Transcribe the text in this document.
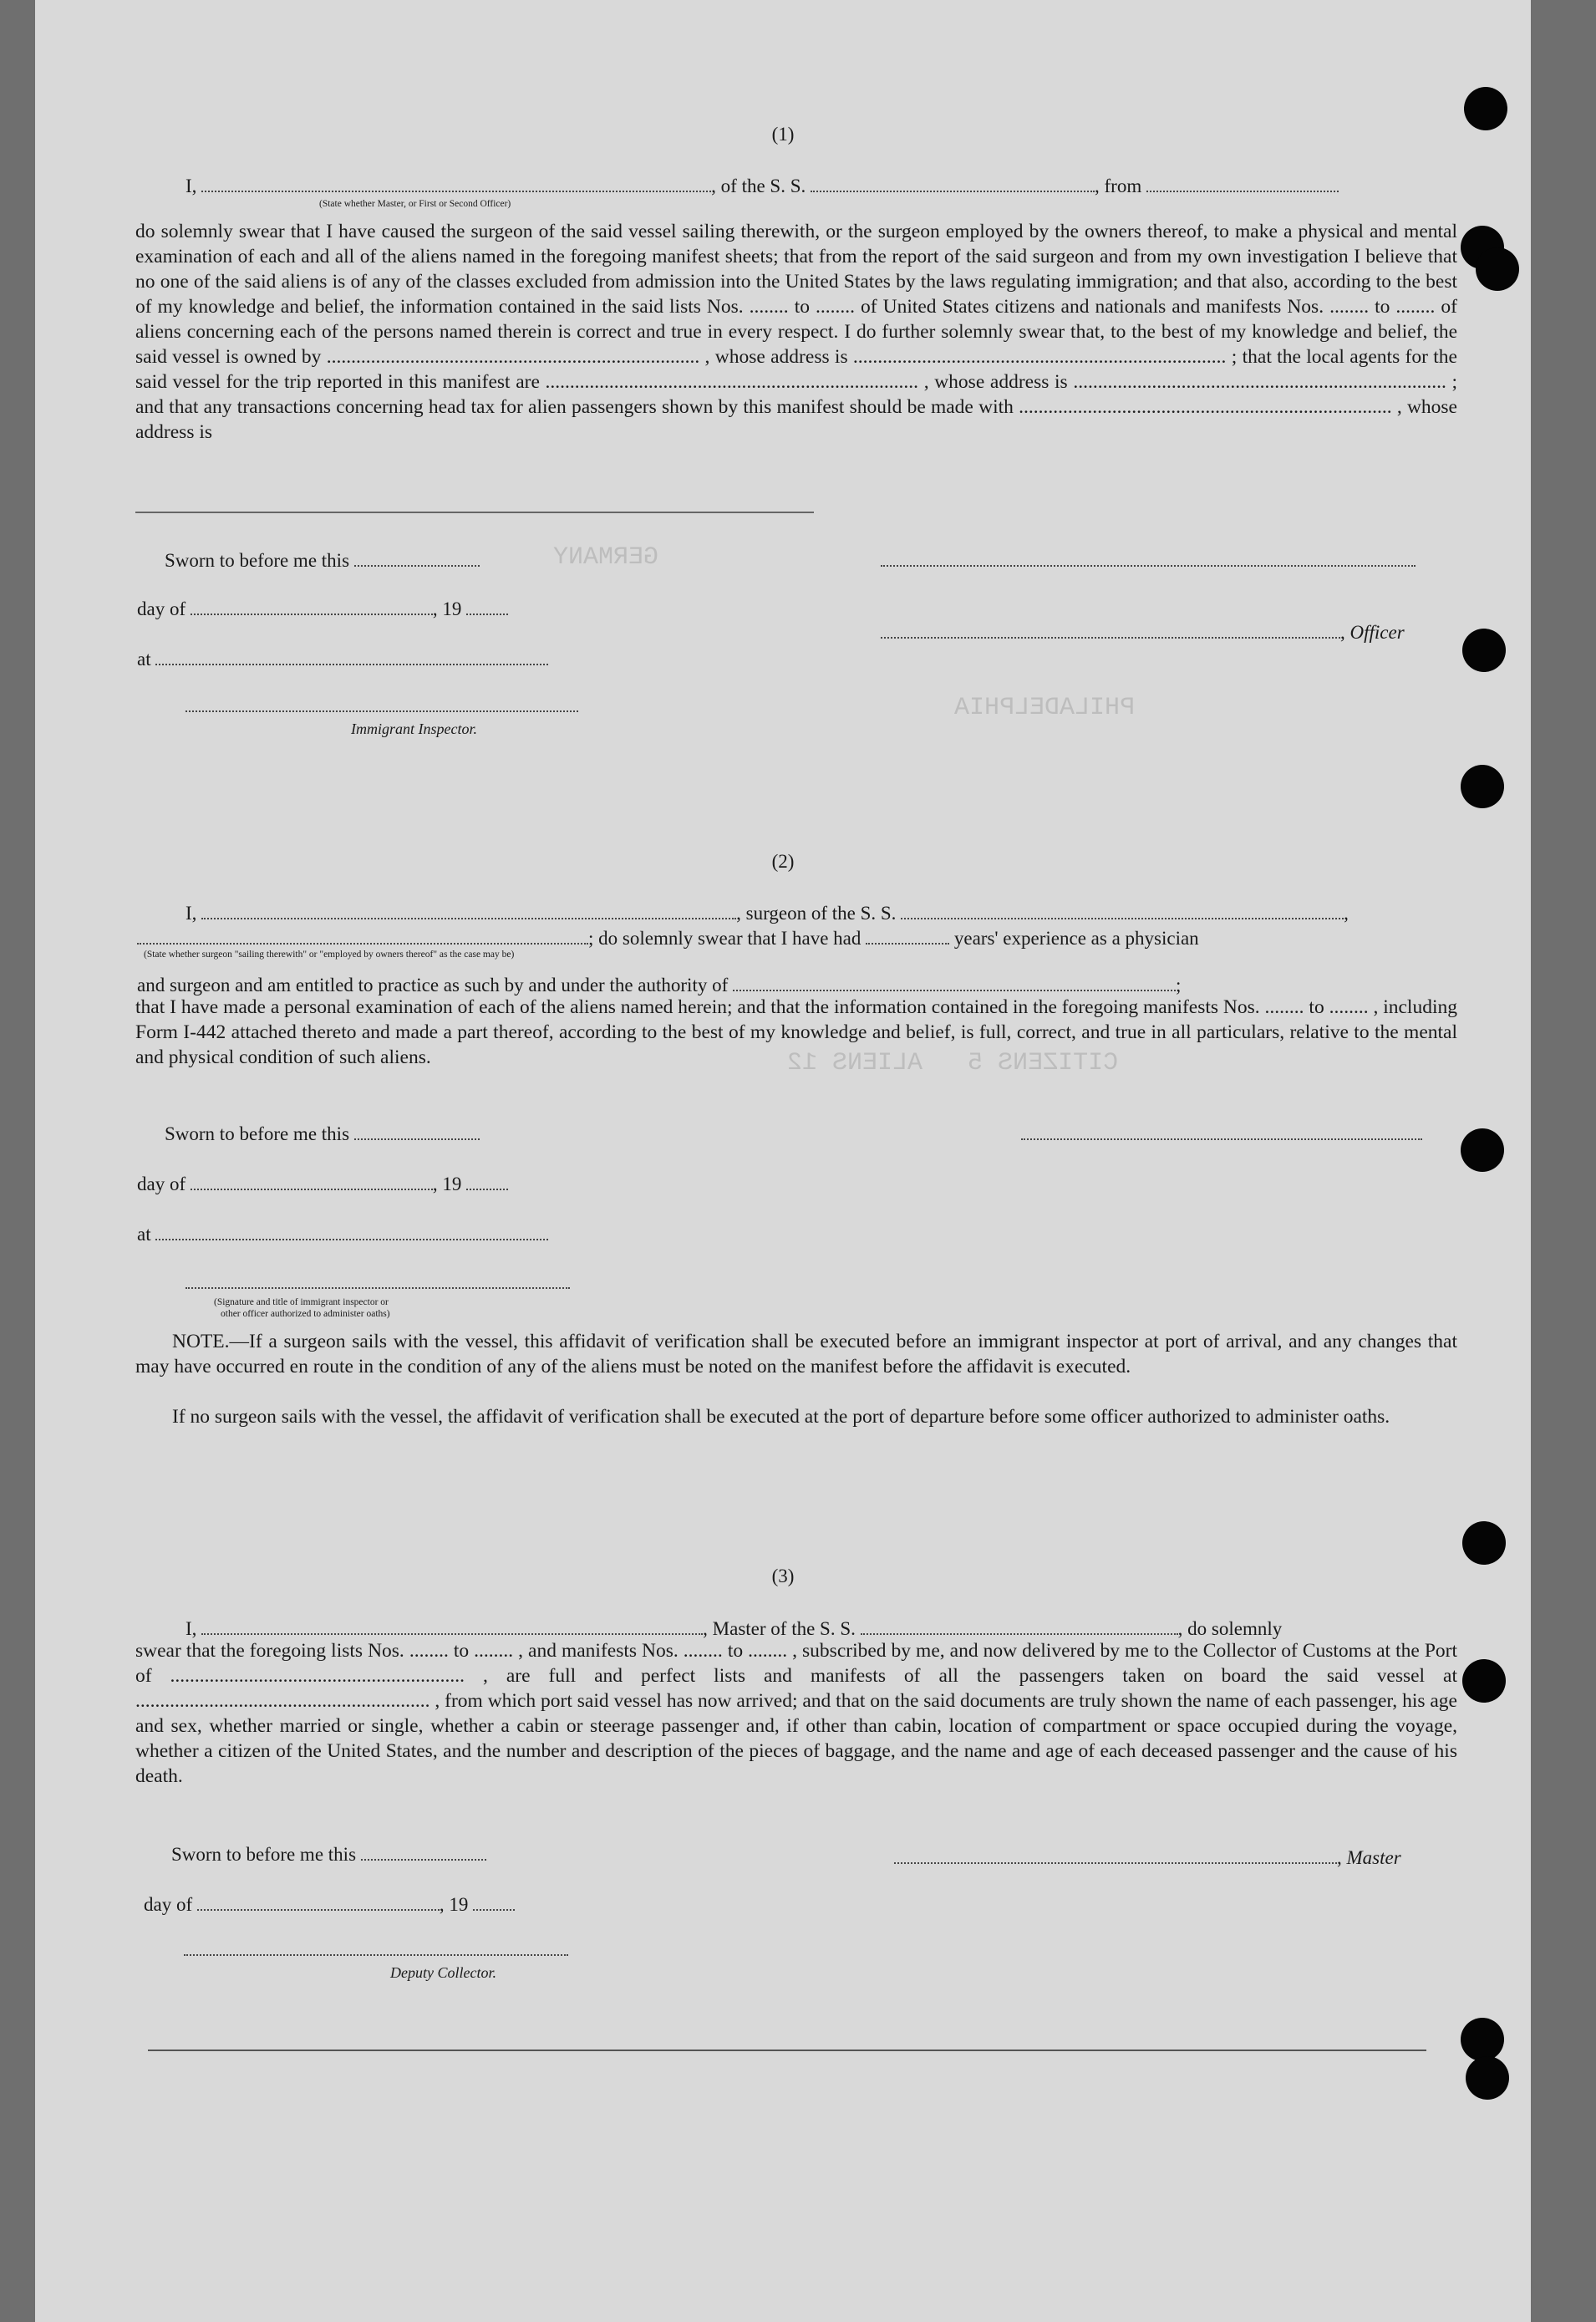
CITIZENS 5   ALIENS 12
GERMANY
PHILADELPHIA
(1)
I,	, of the S. S.	, from
(State whether Master, or First or Second Officer)
do solemnly swear that I have caused the surgeon of the said vessel sailing therewith, or the surgeon employed by the owners thereof, to make a physical and mental examination of each and all of the aliens named in the foregoing manifest sheets; that from the report of the said surgeon and from my own investigation I believe that no one of the said aliens is of any of the classes excluded from admission into the United States by the laws regulating immigration; and that also, according to the best of my knowledge and belief, the information contained in the said lists Nos. ........ to ........ of United States citizens and nationals and manifests Nos. ........ to ........ of aliens concerning each of the persons named therein is correct and true in every respect. I do further solemnly swear that, to the best of my knowledge and belief, the said vessel is owned by ............................................................................ , whose address is ............................................................................ ; that the local agents for the said vessel for the trip reported in this manifest are ............................................................................ , whose address is ............................................................................ ; and that any transactions concerning head tax for alien passengers shown by this manifest should be made with ............................................................................ , whose address is
Sworn to before me this
day of	, 19
at
Immigrant Inspector.
, Officer
(2)
I,	, surgeon of the S. S.	,
; do solemnly swear that I have had	years' experience as a physician
(State whether surgeon "sailing therewith" or "employed by owners thereof" as the case may be)
and surgeon and am entitled to practice as such by and under the authority of	;
that I have made a personal examination of each of the aliens named herein; and that the information contained in the foregoing manifests Nos. ........ to ........ , including Form I-442 attached thereto and made a part thereof, according to the best of my knowledge and belief, is full, correct, and true in all particulars, relative to the mental and physical condition of such aliens.
Sworn to before me this
day of	, 19
at
(Signature and title of immigrant inspector or
other officer authorized to administer oaths)
NOTE.—If a surgeon sails with the vessel, this affidavit of verification shall be executed before an immigrant inspector at port of arrival, and any changes that may have occurred en route in the condition of any of the aliens must be noted on the manifest before the affidavit is executed.
If no surgeon sails with the vessel, the affidavit of verification shall be executed at the port of departure before some officer authorized to administer oaths.
(3)
I,	, Master of the S. S.	, do solemnly
swear that the foregoing lists Nos. ........ to ........ , and manifests Nos. ........ to ........ , subscribed by me, and now delivered by me to the Collector of Customs at the Port of ............................................................ , are full and perfect lists and manifests of all the passengers taken on board the said vessel at ............................................................ , from which port said vessel has now arrived; and that on the said documents are truly shown the name of each passenger, his age and sex, whether married or single, whether a cabin or steerage passenger and, if other than cabin, location of compartment or space occupied during the voyage, whether a citizen of the United States, and the number and description of the pieces of baggage, and the name and age of each deceased passenger and the cause of his death.
Sworn to before me this
day of	, 19
Deputy Collector.
, Master
